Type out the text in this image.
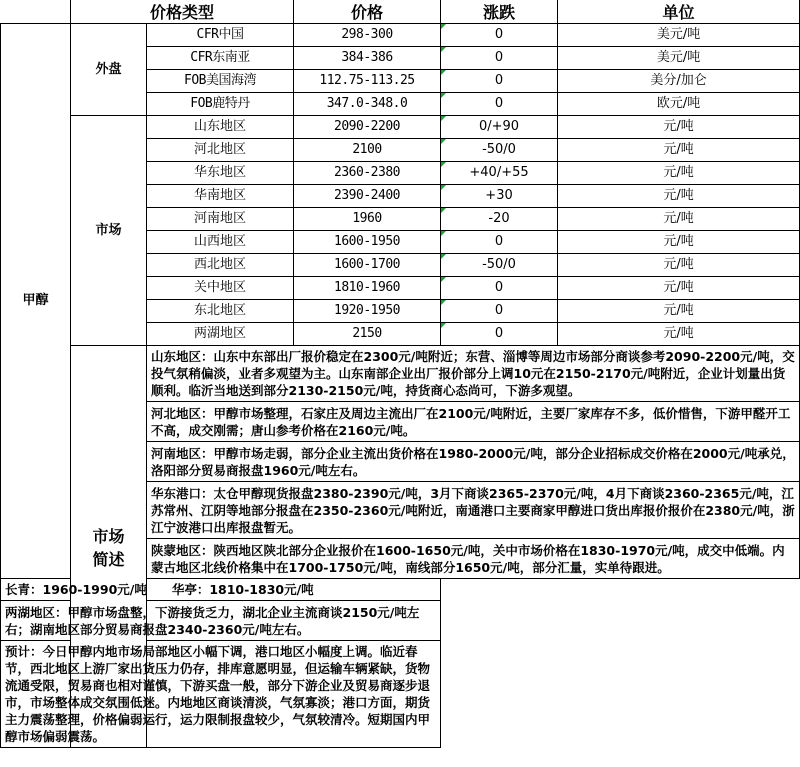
	价格类型		价格	涨跌	单位
甲醇	外盘	CFR中国	298-300	0	美元/吨
		CFR东南亚	384-386	0	美元/吨
		FOB美国海湾	112.75-113.25	0	美分/加仑
		FOB鹿特丹	347.0-348.0	0	欧元/吨
	市场	山东地区	2090-2200	0/+90	元/吨
		河北地区	2100	-50/0	元/吨
		华东地区	2360-2380	+40/+55	元/吨
		华南地区	2390-2400	+30	元/吨
		河南地区	1960	-20	元/吨
		山西地区	1600-1950	0	元/吨
		西北地区	1600-1700	-50/0	元/吨
		关中地区	1810-1960	0	元/吨
		东北地区	1920-1950	0	元/吨
		两湖地区	2150	0	元/吨
	市场
简述	山东地区：山东中东部出厂报价稳定在2300元/吨附近；东营、淄博等周边市场部分商谈参考2090-2200元/吨，交投气氛稍偏淡，业者多观望为主。山东南部企业出厂报价部分上调10元在2150-2170元/吨附近，企业计划量出货顺利。临沂当地送到部分2130-2150元/吨，持货商心态尚可，下游多观望。			
		河北地区：甲醇市场整理，石家庄及周边主流出厂在2100元/吨附近，主要厂家库存不多，低价惜售，下游甲醛开工不高，成交刚需；唐山参考价格在2160元/吨。			
		河南地区：甲醇市场走弱，部分企业主流出货价格在1980-2000元/吨，部分企业招标成交价格在2000元/吨承兑，洛阳部分贸易商报盘1960元/吨左右。			
		华东港口：太仓甲醇现货报盘2380-2390元/吨，3月下商谈2365-2370元/吨，4月下商谈2360-2365元/吨，江苏常州、江阴等地部分报盘在2350-2360元/吨附近，南通港口主要商家甲醇进口货出库报价报价在2380元/吨，浙江宁波港口出库报盘暂无。			
		陕蒙地区：陕西地区陕北部分企业报价在1600-1650元/吨，关中市场价格在1830-1970元/吨，成交中低端。内蒙古地区北线价格集中在1700-1750元/吨，南线部分1650元/吨，部分汇量，实单待跟进。			
长青：1960-1990元/吨　　华亭：1810-1830元/吨					
两湖地区：甲醇市场盘整，下游接货乏力，湖北企业主流商谈2150元/吨左右；湖南地区部分贸易商报盘2340-2360元/吨左右。					
预计：今日甲醇内地市场局部地区小幅下调，港口地区小幅度上调。临近春节，西北地区上游厂家出货压力仍存，排库意愿明显，但运输车辆紧缺，货物流通受限，贸易商也相对谨慎，下游买盘一般，部分下游企业及贸易商逐步退市，市场整体成交氛围低迷。内地地区商谈清淡，气氛寡淡；港口方面，期货主力震荡整理，价格偏弱运行，运力限制报盘较少，气氛较清冷。短期国内甲醇市场偏弱震荡。					
